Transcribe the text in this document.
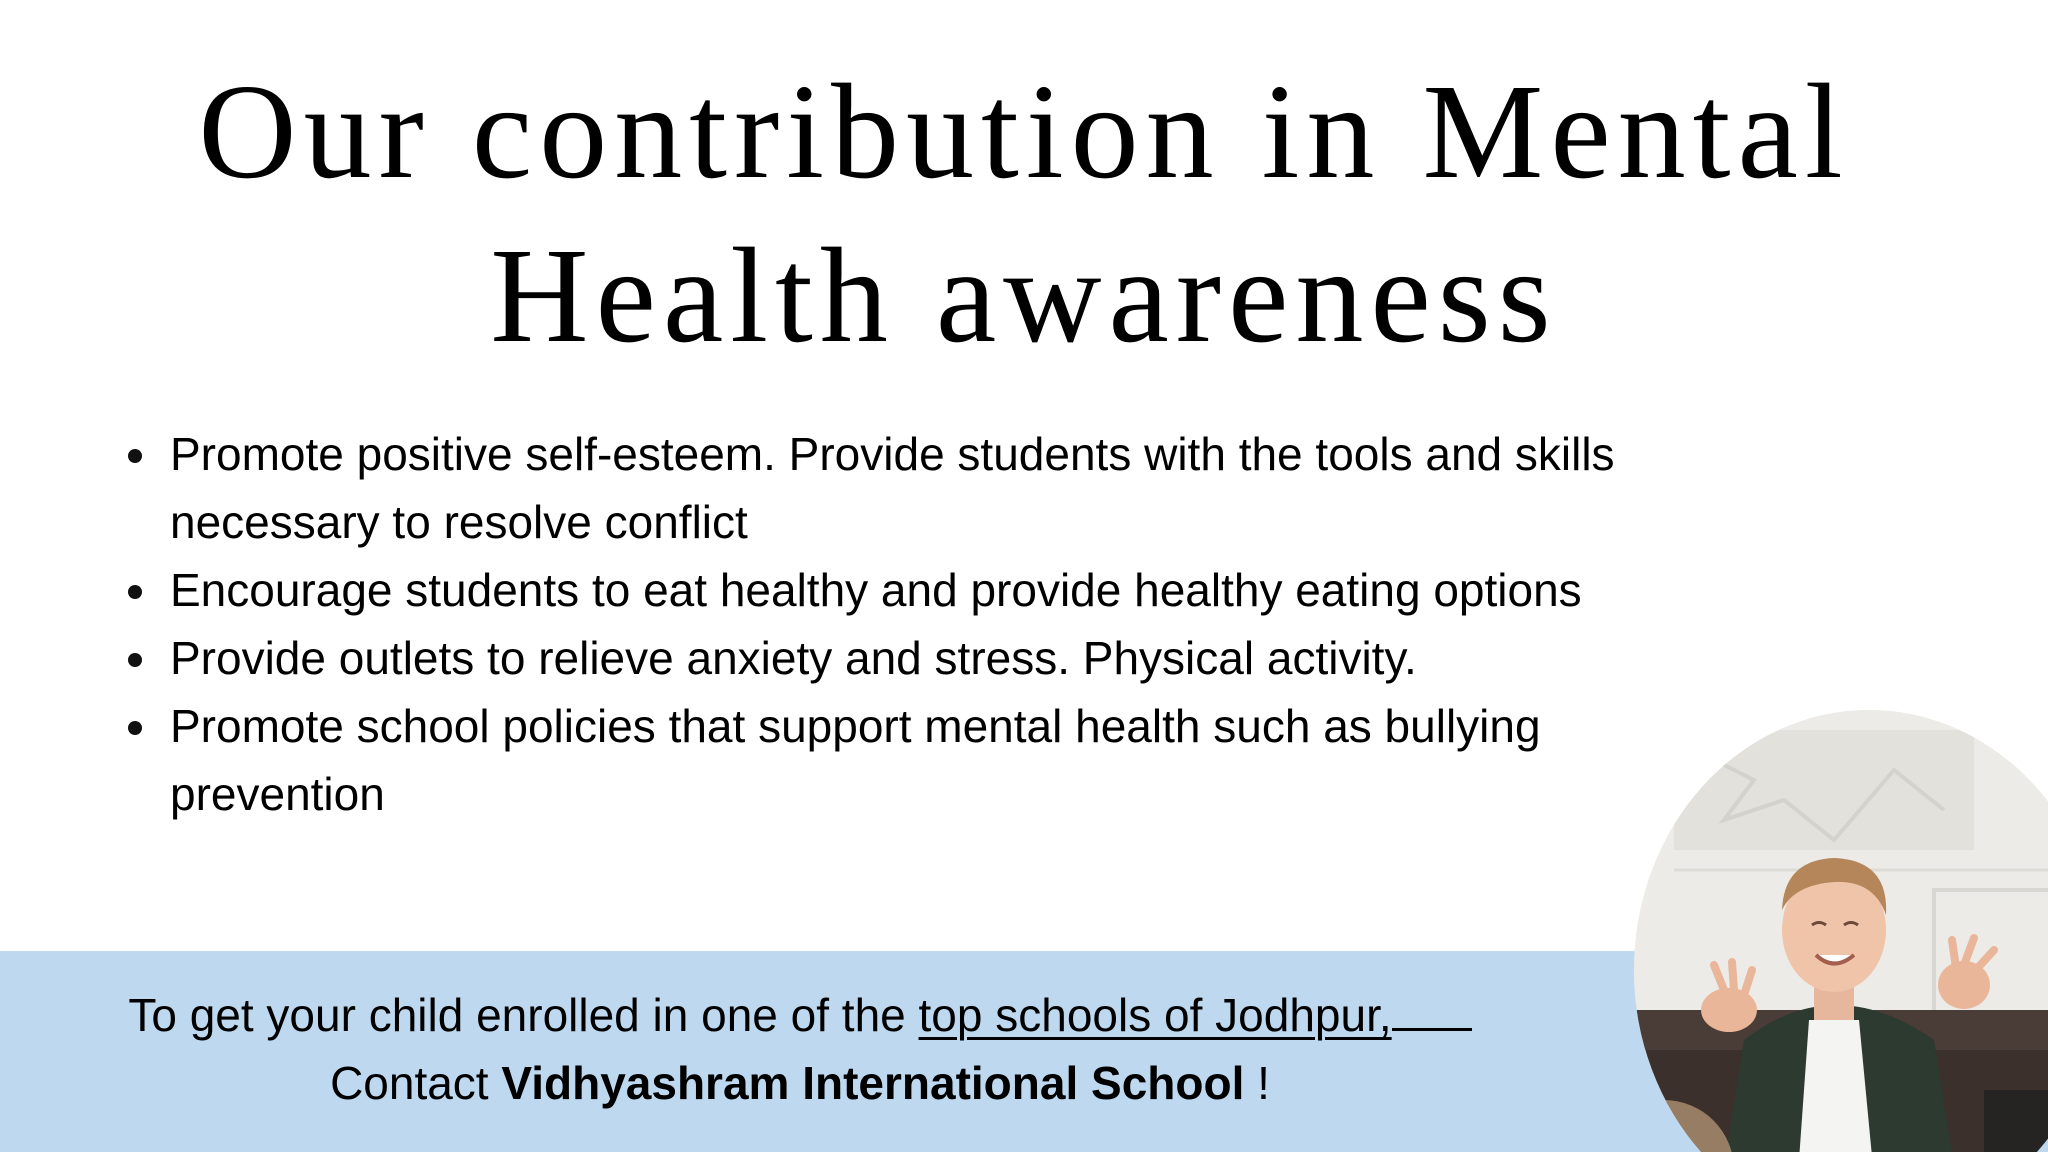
Our contribution in Mental
Health awareness
Promote positive self-esteem. Provide students with the tools and skills
necessary to resolve conflict
Encourage students to eat healthy and provide healthy eating options
Provide outlets to relieve anxiety and stress. Physical activity.
Promote school policies that support mental health such as bullying
prevention
To get your child enrolled in one of the top schools of Jodhpur,
Contact Vidhyashram International School !
